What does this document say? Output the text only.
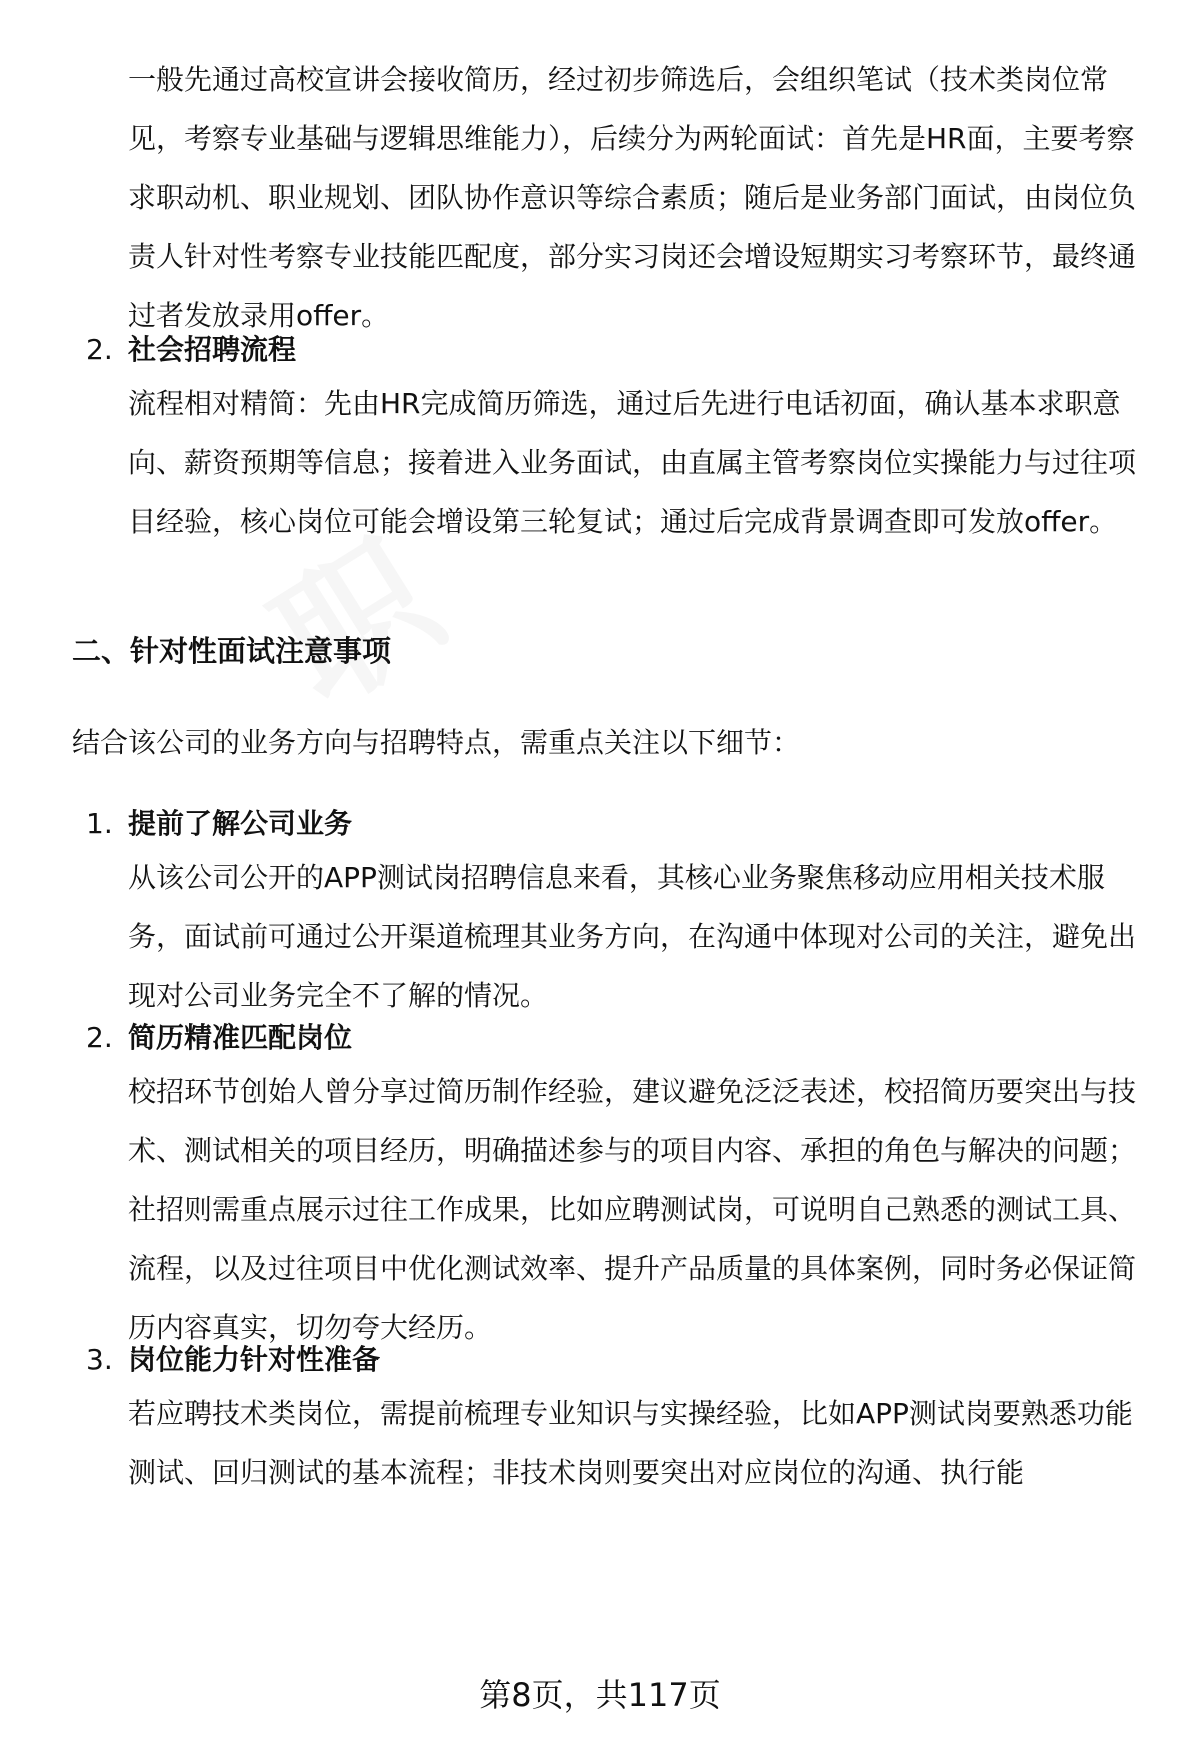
一般先通过高校宣讲会接收简历，经过初步筛选后，会组织笔试（技术类岗位常见，考察专业基础与逻辑思维能力），后续分为两轮面试：首先是HR面，主要考察求职动机、职业规划、团队协作意识等综合素质；随后是业务部门面试，由岗位负责人针对性考察专业技能匹配度，部分实习岗还会增设短期实习考察环节，最终通过者发放录用offer。

2. 社会招聘流程

流程相对精简：先由HR完成简历筛选，通过后先进行电话初面，确认基本求职意向、薪资预期等信息；接着进入业务面试，由直属主管考察岗位实操能力与过往项目经验，核心岗位可能会增设第三轮复试；通过后完成背景调查即可发放offer。

二、针对性面试注意事项
结合该公司的业务方向与招聘特点，需重点关注以下细节：
1. 提前了解公司业务

从该公司公开的APP测试岗招聘信息来看，其核心业务聚焦移动应用相关技术服务，面试前可通过公开渠道梳理其业务方向，在沟通中体现对公司的关注，避免出现对公司业务完全不了解的情况。

2. 简历精准匹配岗位

校招环节创始人曾分享过简历制作经验，建议避免泛泛表述，校招简历要突出与技术、测试相关的项目经历，明确描述参与的项目内容、承担的角色与解决的问题；社招则需重点展示过往工作成果，比如应聘测试岗，可说明自己熟悉的测试工具、流程，以及过往项目中优化测试效率、提升产品质量的具体案例，同时务必保证简历内容真实，切勿夸大经历。

3. 岗位能力针对性准备

若应聘技术类岗位，需提前梳理专业知识与实操经验，比如APP测试岗要熟悉功能测试、回归测试的基本流程；非技术岗则要突出对应岗位的沟通、执行能

第8页，共117页
